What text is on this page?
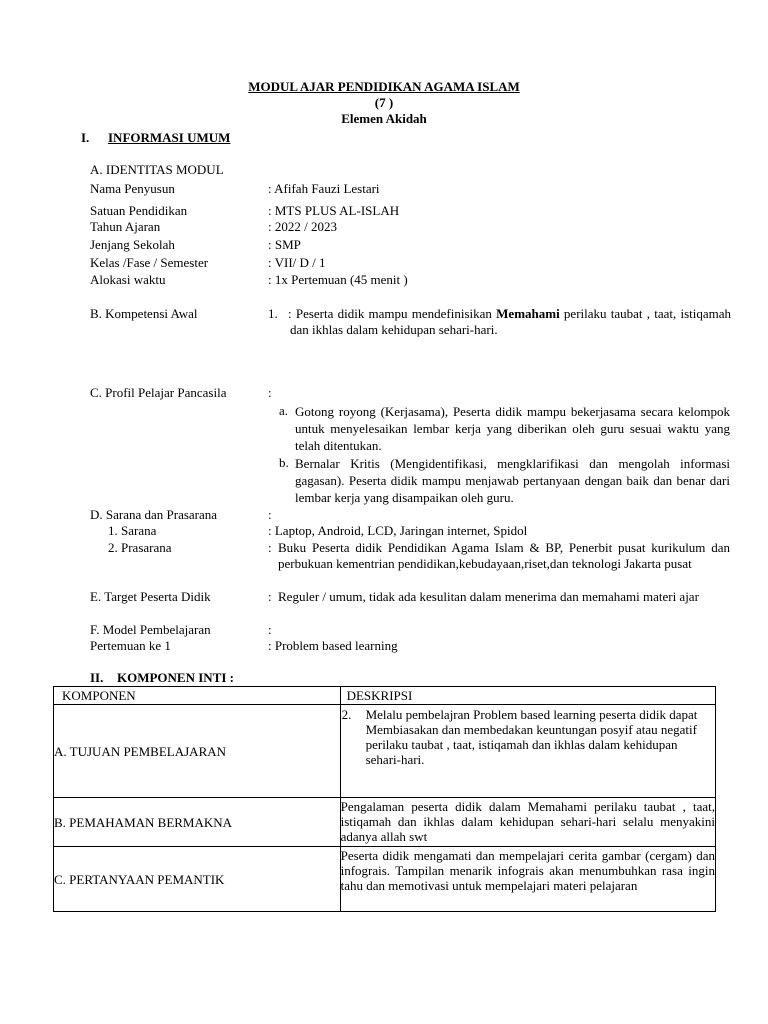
MODUL AJAR PENDIDIKAN AGAMA ISLAM
(7 )
Elemen Akidah
I. INFORMASI UMUM
A. IDENTITAS MODUL
Nama Penyusun	: Afifah Fauzi Lestari
Satuan Pendidikan	: MTS PLUS AL-ISLAH
Tahun Ajaran	: 2022 / 2023
Jenjang Sekolah	: SMP
Kelas /Fase / Semester	: VII/ D / 1
Alokasi waktu	: 1x Pertemuan (45 menit )
B. Kompetensi Awal	1. : Peserta didik mampu mendefinisikan Memahami perilaku taubat , taat, istiqamah dan ikhlas dalam kehidupan sehari-hari.
C. Profil Pelajar Pancasila	:
a. Gotong royong (Kerjasama), Peserta didik mampu bekerjasama secara kelompok untuk menyelesaikan lembar kerja yang diberikan oleh guru sesuai waktu yang telah ditentukan.
b. Bernalar Kritis (Mengidentifikasi, mengklarifikasi dan mengolah informasi gagasan). Peserta didik mampu menjawab pertanyaan dengan baik dan benar dari lembar kerja yang disampaikan oleh guru.
D. Sarana dan Prasarana	:
1. Sarana	: Laptop, Android, LCD, Jaringan internet, Spidol
2. Prasarana	: Buku Peserta didik Pendidikan Agama Islam & BP, Penerbit pusat kurikulum dan perbukuan kementrian pendidikan,kebudayaan,riset,dan teknologi Jakarta pusat
E. Target Peserta Didik	: Reguler / umum, tidak ada kesulitan dalam menerima dan memahami materi ajar
F. Model Pembelajaran	:
Pertemuan ke 1	: Problem based learning
II. KOMPONEN INTI :
KOMPONEN	DESKRIPSI
A. TUJUAN PEMBELAJARAN	2. Melalu pembelajran Problem based learning peserta didik dapat Membiasakan dan membedakan keuntungan posyif atau negatif perilaku taubat , taat, istiqamah dan ikhlas dalam kehidupan sehari-hari.

B. PEMAHAMAN BERMAKNA	Pengalaman peserta didik dalam Memahami perilaku taubat , taat, istiqamah dan ikhlas dalam kehidupan sehari-hari selalu menyakini adanya allah swt
C. PERTANYAAN PEMANTIK	Peserta didik mengamati dan mempelajari cerita gambar (cergam) dan infograis. Tampilan menarik infograis akan menumbuhkan rasa ingin tahu dan memotivasi untuk mempelajari materi pelajaran
